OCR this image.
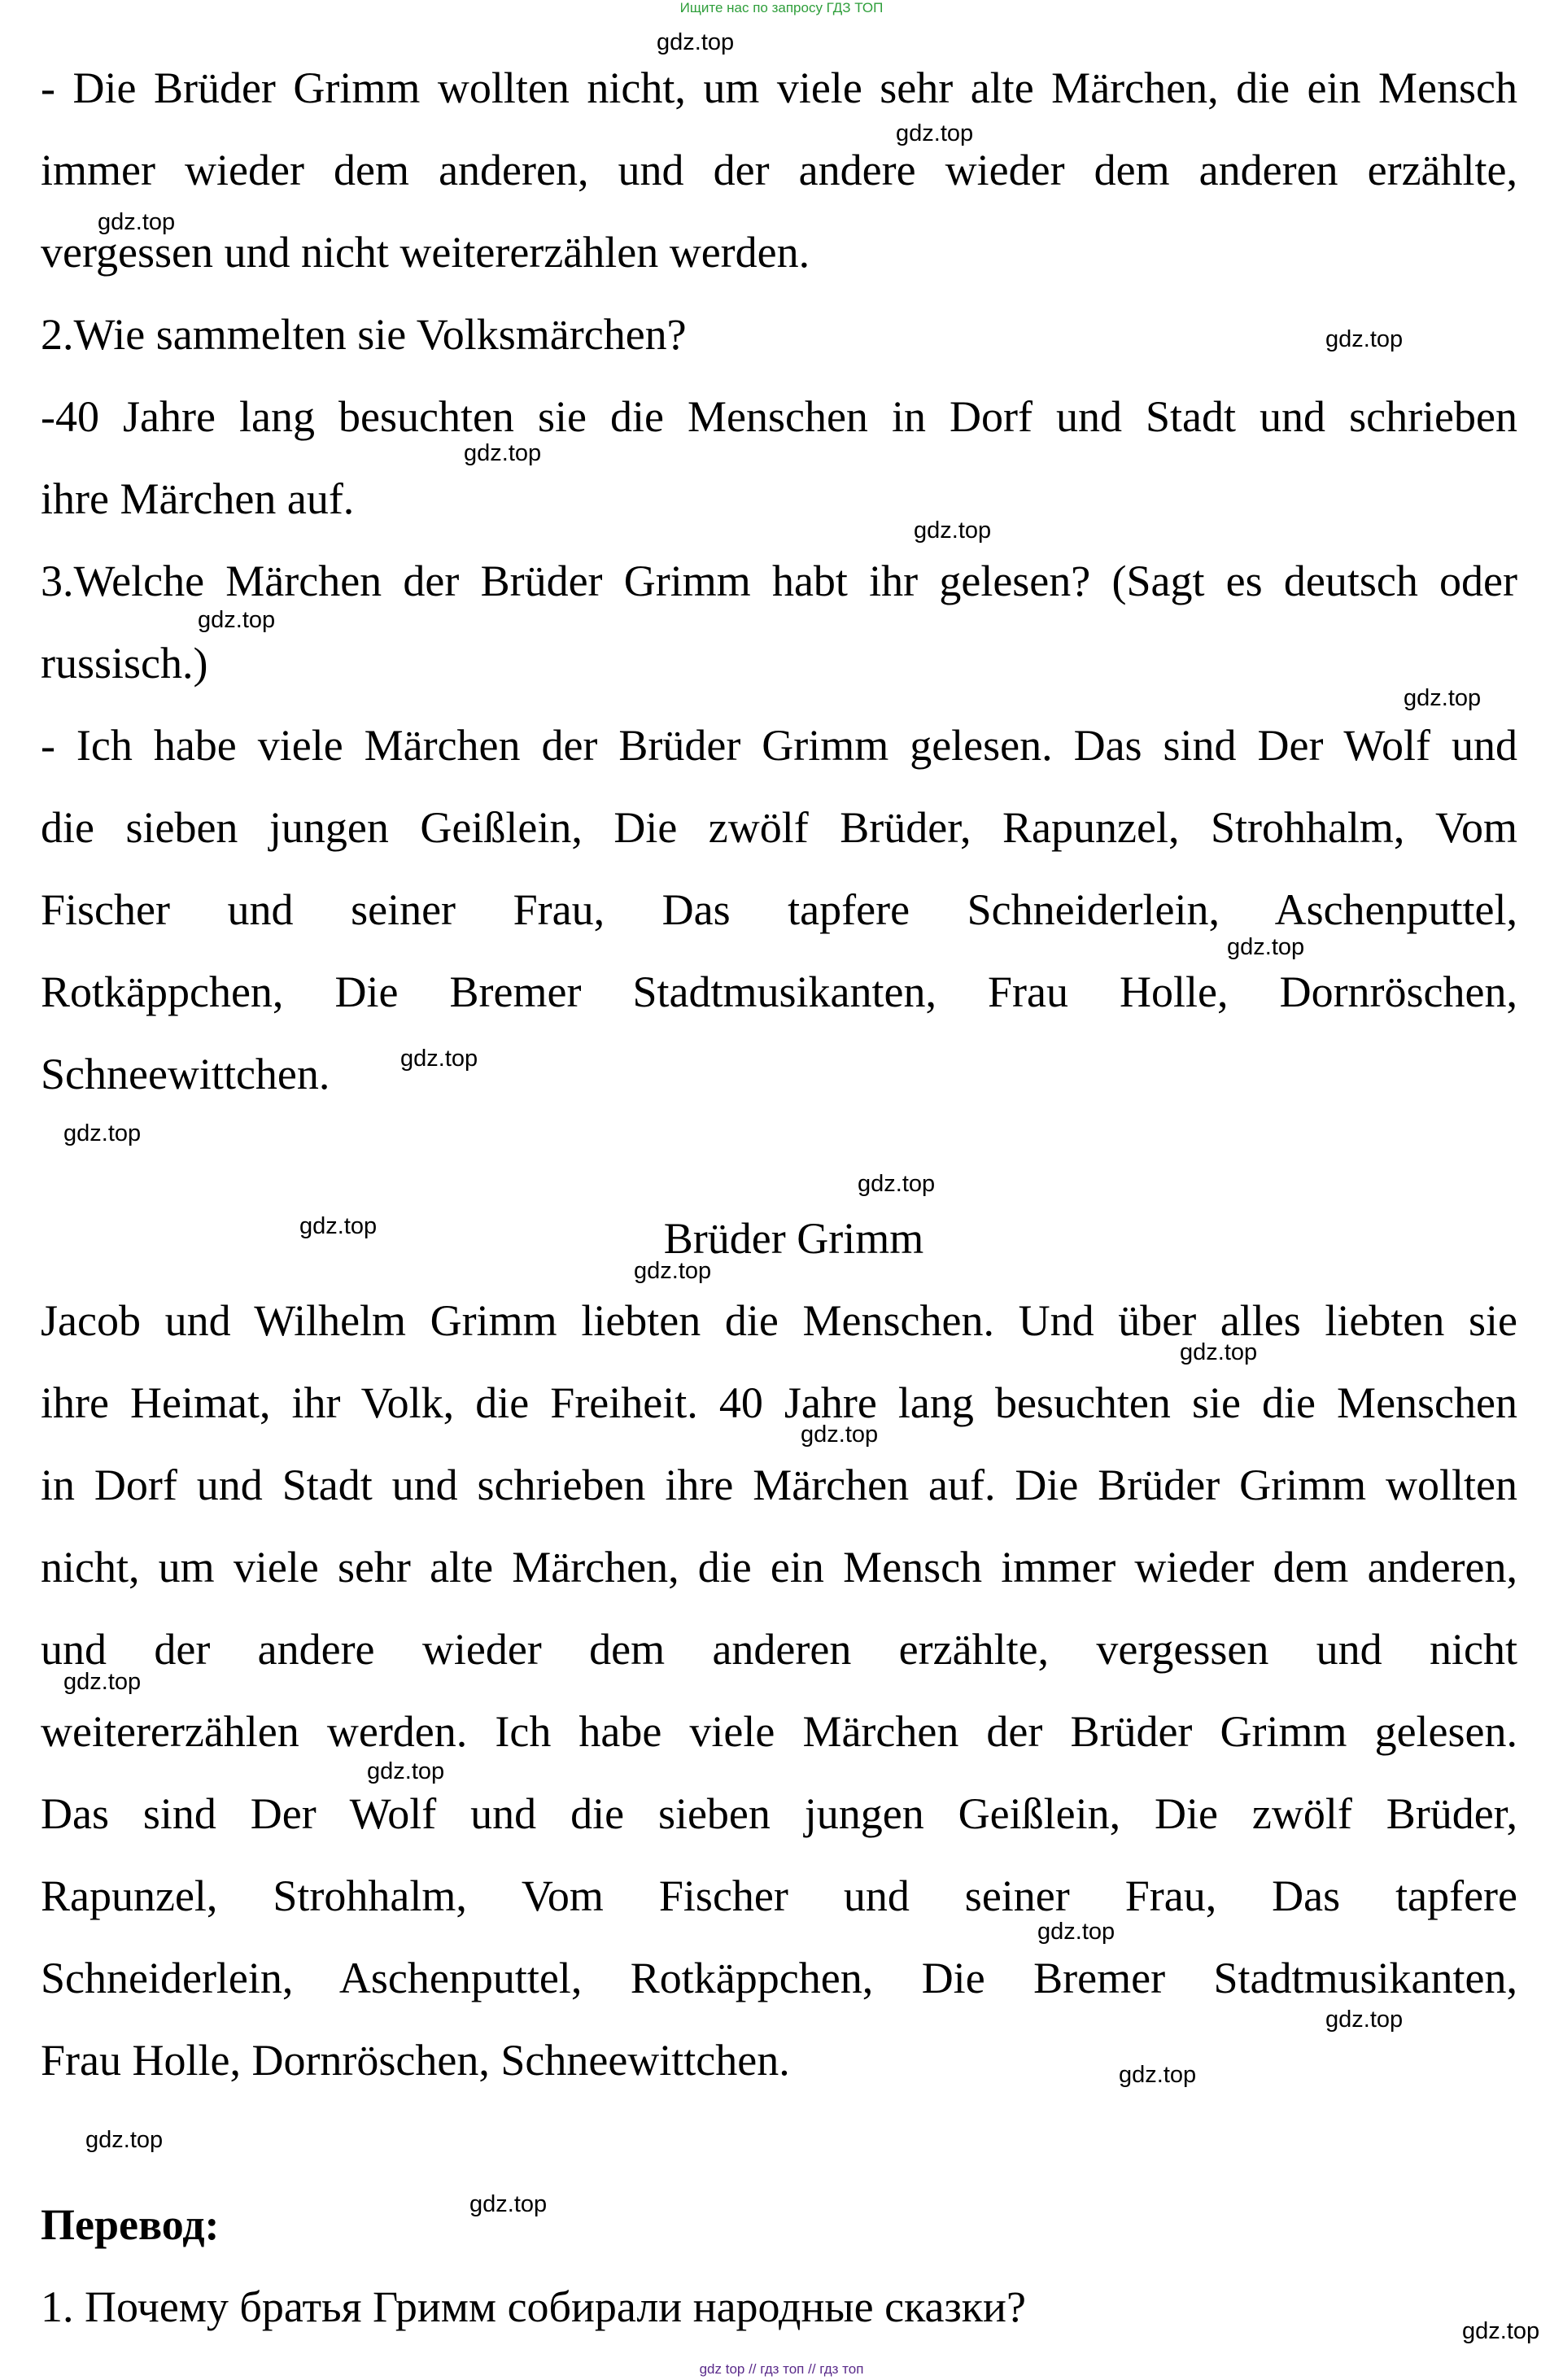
Ищите нас по запросу ГДЗ ТОП
- Die Brüder Grimm wollten nicht, um viele sehr alte Märchen, die ein Mensch
immer wieder dem anderen, und der andere wieder dem anderen erzählte,
vergessen und nicht weitererzählen werden.
2.Wie sammelten sie Volksmärchen?
-40 Jahre lang besuchten sie die Menschen in Dorf und Stadt und schrieben
ihre Märchen auf.
3.Welche Märchen der Brüder Grimm habt ihr gelesen? (Sagt es deutsch oder
russisch.)
- Ich habe viele Märchen der Brüder Grimm gelesen. Das sind Der Wolf und
die sieben jungen Geißlein, Die zwölf Brüder, Rapunzel, Strohhalm, Vom
Fischer und seiner Frau, Das tapfere Schneiderlein, Aschenputtel,
Rotkäppchen, Die Bremer Stadtmusikanten, Frau Holle, Dornröschen,
Schneewittchen.
Brüder Grimm
Jacob und Wilhelm Grimm liebten die Menschen. Und über alles liebten sie
ihre Heimat, ihr Volk, die Freiheit. 40 Jahre lang besuchten sie die Menschen
in Dorf und Stadt und schrieben ihre Märchen auf. Die Brüder Grimm wollten
nicht, um viele sehr alte Märchen, die ein Mensch immer wieder dem anderen,
und der andere wieder dem anderen erzählte, vergessen und nicht
weitererzählen werden. Ich habe viele Märchen der Brüder Grimm gelesen.
Das sind Der Wolf und die sieben jungen Geißlein, Die zwölf Brüder,
Rapunzel, Strohhalm, Vom Fischer und seiner Frau, Das tapfere
Schneiderlein, Aschenputtel, Rotkäppchen, Die Bremer Stadtmusikanten,
Frau Holle, Dornröschen, Schneewittchen.
Перевод:
1. Почему братья Гримм собирали народные сказки?
gdz.top
gdz.top
gdz.top
gdz.top
gdz.top
gdz.top
gdz.top
gdz.top
gdz.top
gdz.top
gdz.top
gdz.top
gdz.top
gdz.top
gdz.top
gdz.top
gdz.top
gdz.top
gdz.top
gdz.top
gdz.top
gdz.top
gdz.top
gdz.top
gdz top // гдз топ // гдз топ
